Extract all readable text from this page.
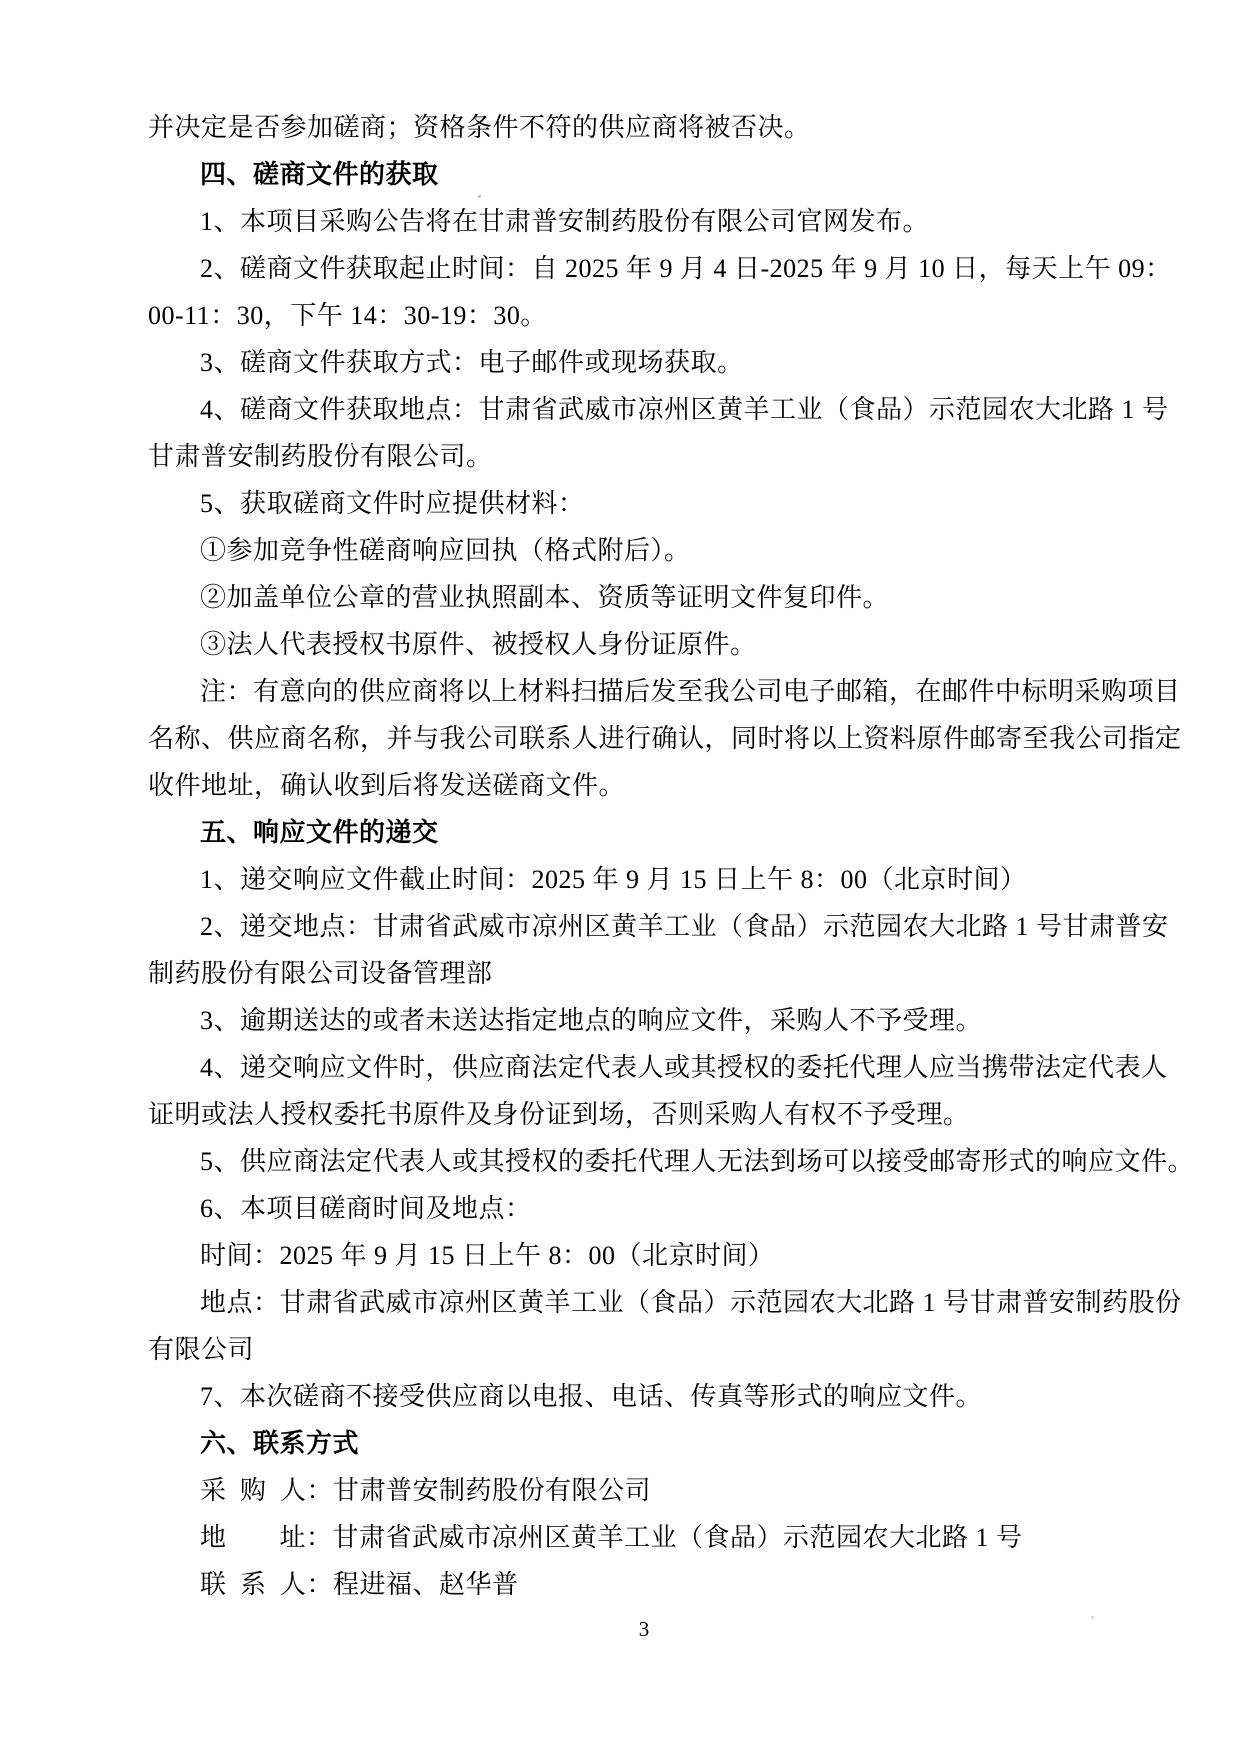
并决定是否参加磋商；资格条件不符的供应商将被否决。
四、磋商文件的获取
1、本项目采购公告将在甘肃普安制药股份有限公司官网发布。
2、磋商文件获取起止时间：自 2025 年 9 月 4 日-2025 年 9 月 10 日，每天上午 09：
00-11：30，下午 14：30-19：30。
3、磋商文件获取方式：电子邮件或现场获取。
4、磋商文件获取地点：甘肃省武威市凉州区黄羊工业（食品）示范园农大北路 1 号
甘肃普安制药股份有限公司。
5、获取磋商文件时应提供材料：
①参加竞争性磋商响应回执（格式附后）。
②加盖单位公章的营业执照副本、资质等证明文件复印件。
③法人代表授权书原件、被授权人身份证原件。
注：有意向的供应商将以上材料扫描后发至我公司电子邮箱，在邮件中标明采购项目
名称、供应商名称，并与我公司联系人进行确认，同时将以上资料原件邮寄至我公司指定
收件地址，确认收到后将发送磋商文件。
五、响应文件的递交
1、递交响应文件截止时间：2025 年 9 月 15 日上午 8：00（北京时间）
2、递交地点：甘肃省武威市凉州区黄羊工业（食品）示范园农大北路 1 号甘肃普安
制药股份有限公司设备管理部
3、逾期送达的或者未送达指定地点的响应文件，采购人不予受理。
4、递交响应文件时，供应商法定代表人或其授权的委托代理人应当携带法定代表人
证明或法人授权委托书原件及身份证到场，否则采购人有权不予受理。
5、供应商法定代表人或其授权的委托代理人无法到场可以接受邮寄形式的响应文件。
6、本项目磋商时间及地点：
时间：2025 年 9 月 15 日上午 8：00（北京时间）
地点：甘肃省武威市凉州区黄羊工业（食品）示范园农大北路 1 号甘肃普安制药股份
有限公司
7、本次磋商不接受供应商以电报、电话、传真等形式的响应文件。
六、联系方式
采 购 人：甘肃普安制药股份有限公司
地　　址：甘肃省武威市凉州区黄羊工业（食品）示范园农大北路 1 号
联 系 人：程进福、赵华普
3
